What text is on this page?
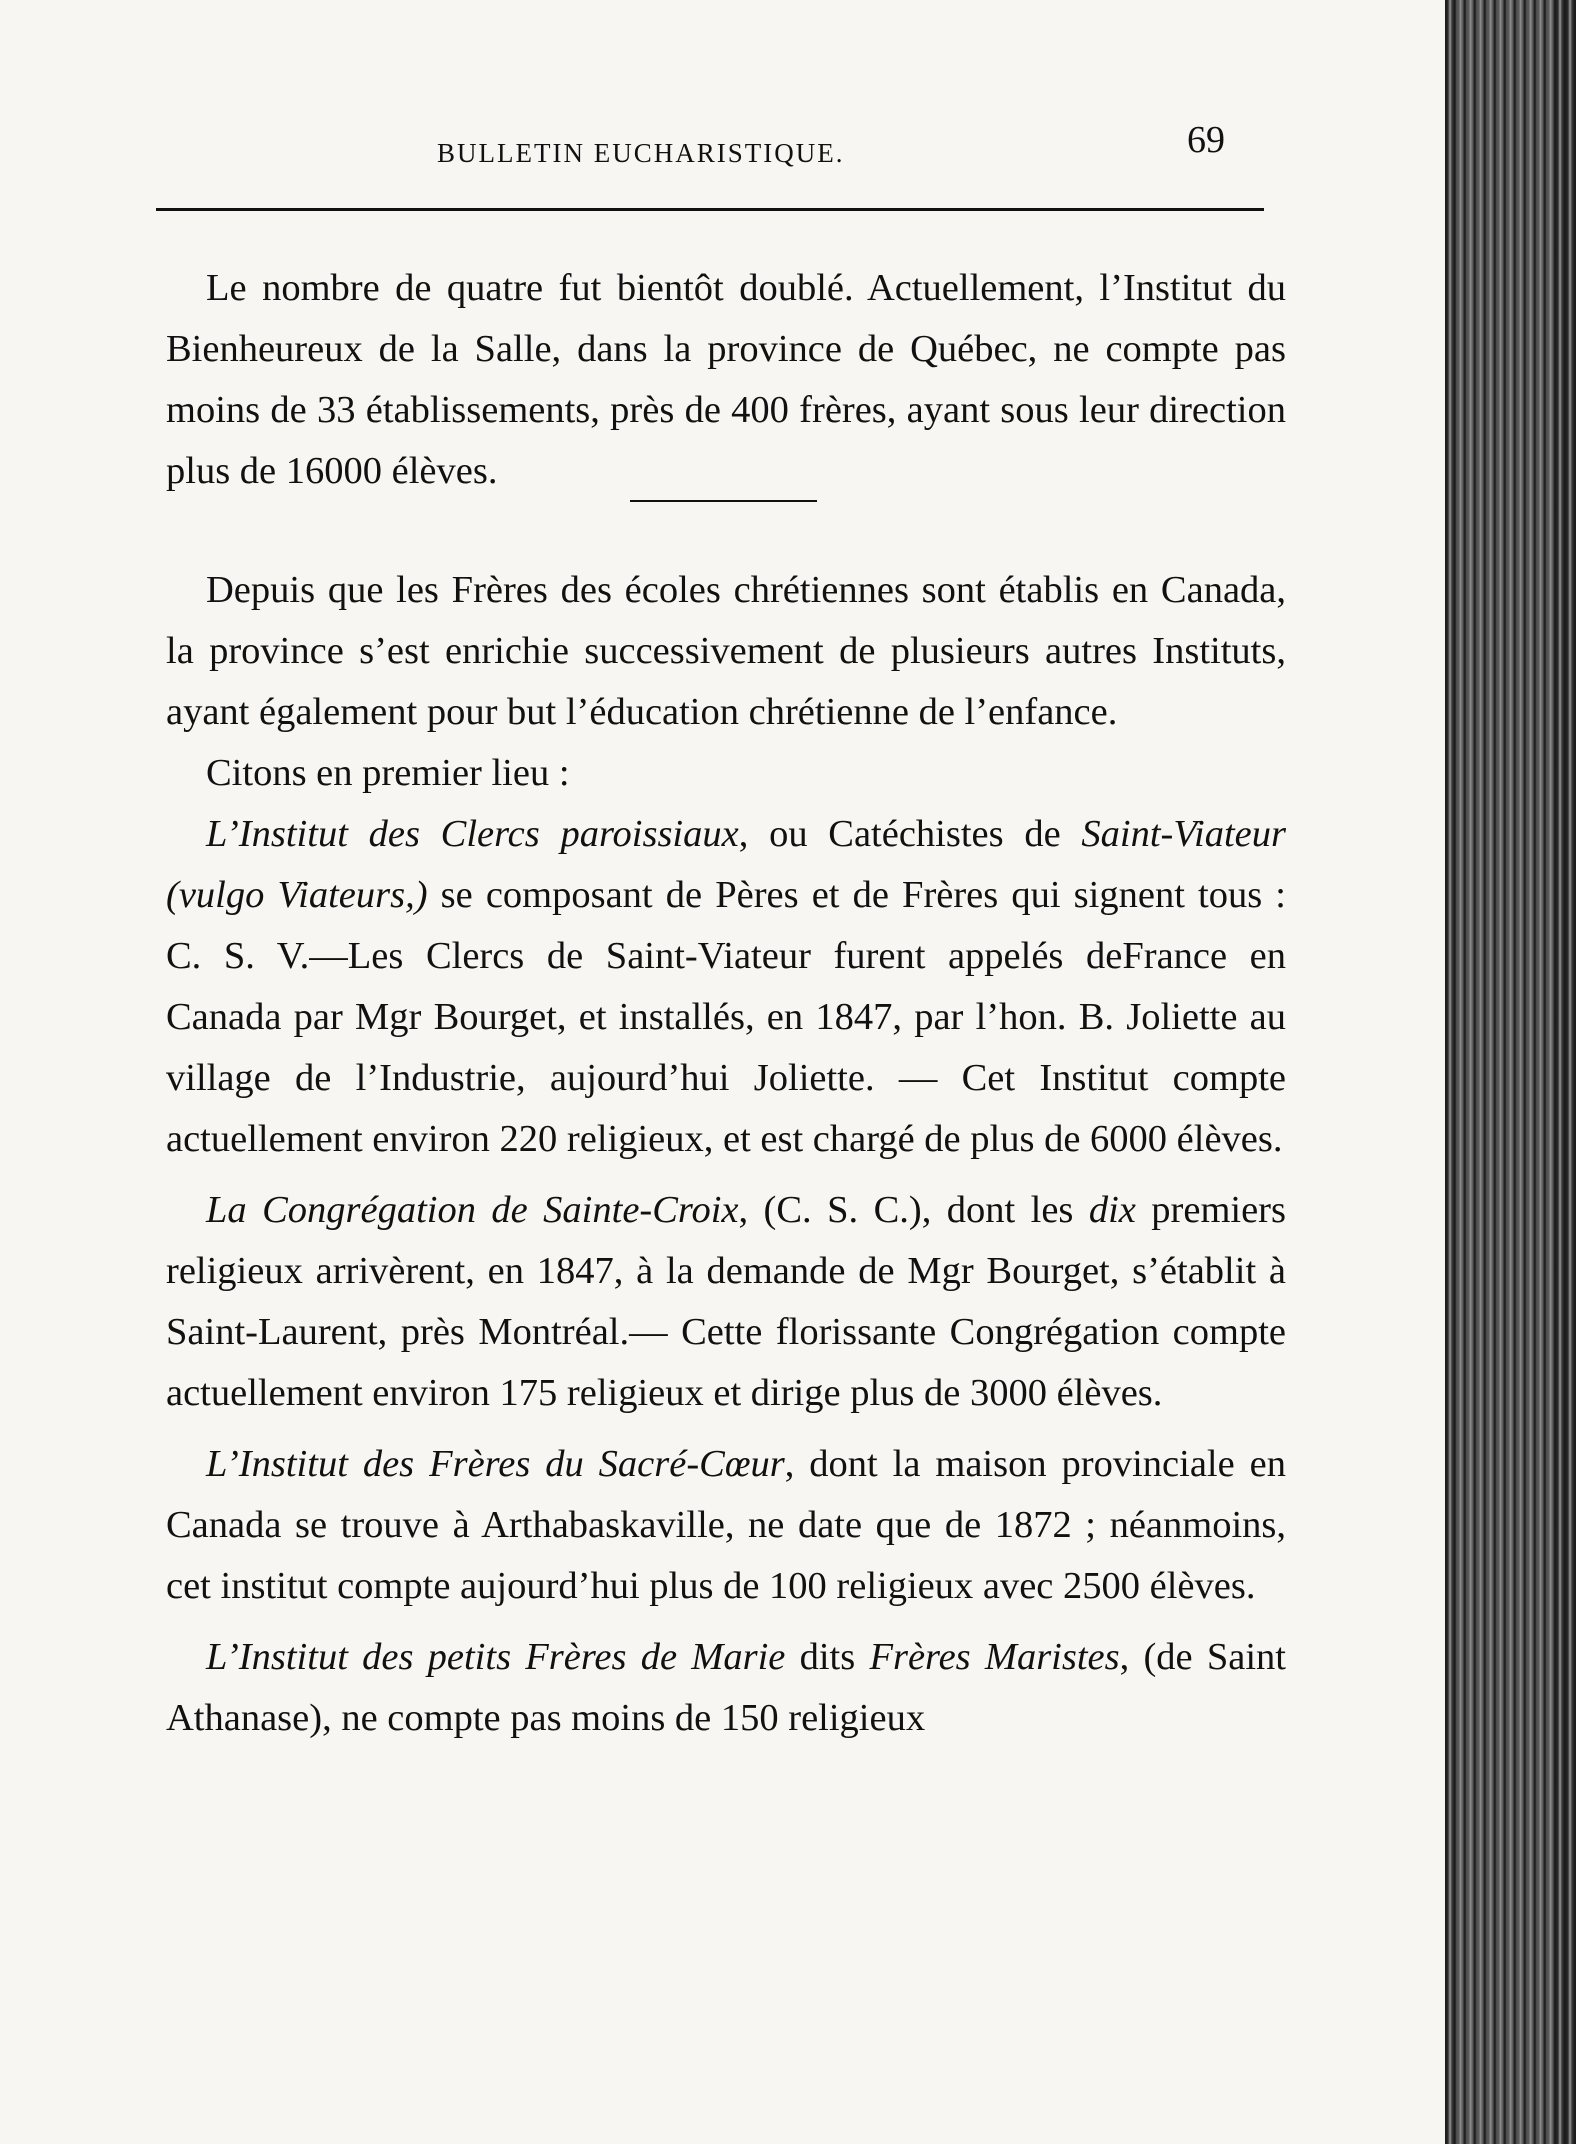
BULLETIN EUCHARISTIQUE.	69

Le nombre de quatre fut bientôt doublé. Actuellement, l’Institut du Bienheureux de la Salle, dans la province de Québec, ne compte pas moins de 33 établissements, près de 400 frères, ayant sous leur direction plus de 16000 élèves.

Depuis que les Frères des écoles chrétiennes sont établis en Canada, la province s’est enrichie successivement de plusieurs autres Instituts, ayant également pour but l’éducation chrétienne de l’enfance.

Citons en premier lieu :

L’Institut des Clercs paroissiaux, ou Catéchistes de Saint-Viateur (vulgo Viateurs,) se composant de Pères et de Frères qui signent tous : C. S. V.—Les Clercs de Saint-Viateur furent appelés deFrance en Canada par Mgr Bourget, et installés, en 1847, par l’hon. B. Joliette au village de l’Industrie, aujourd’hui Joliette. — Cet Institut compte actuellement environ 220 religieux, et est chargé de plus de 6000 élèves.

La Congrégation de Sainte-Croix, (C. S. C.), dont les dix premiers religieux arrivèrent, en 1847, à la demande de Mgr Bourget, s’établit à Saint-Laurent, près Montréal.— Cette florissante Congrégation compte actuellement environ 175 religieux et dirige plus de 3000 élèves.

L’Institut des Frères du Sacré-Cœur, dont la maison provinciale en Canada se trouve à Arthabaskaville, ne date que de 1872 ; néanmoins, cet institut compte aujourd’hui plus de 100 religieux avec 2500 élèves.

L’Institut des petits Frères de Marie dits Frères Maristes, (de Saint Athanase), ne compte pas moins de 150 religieux
